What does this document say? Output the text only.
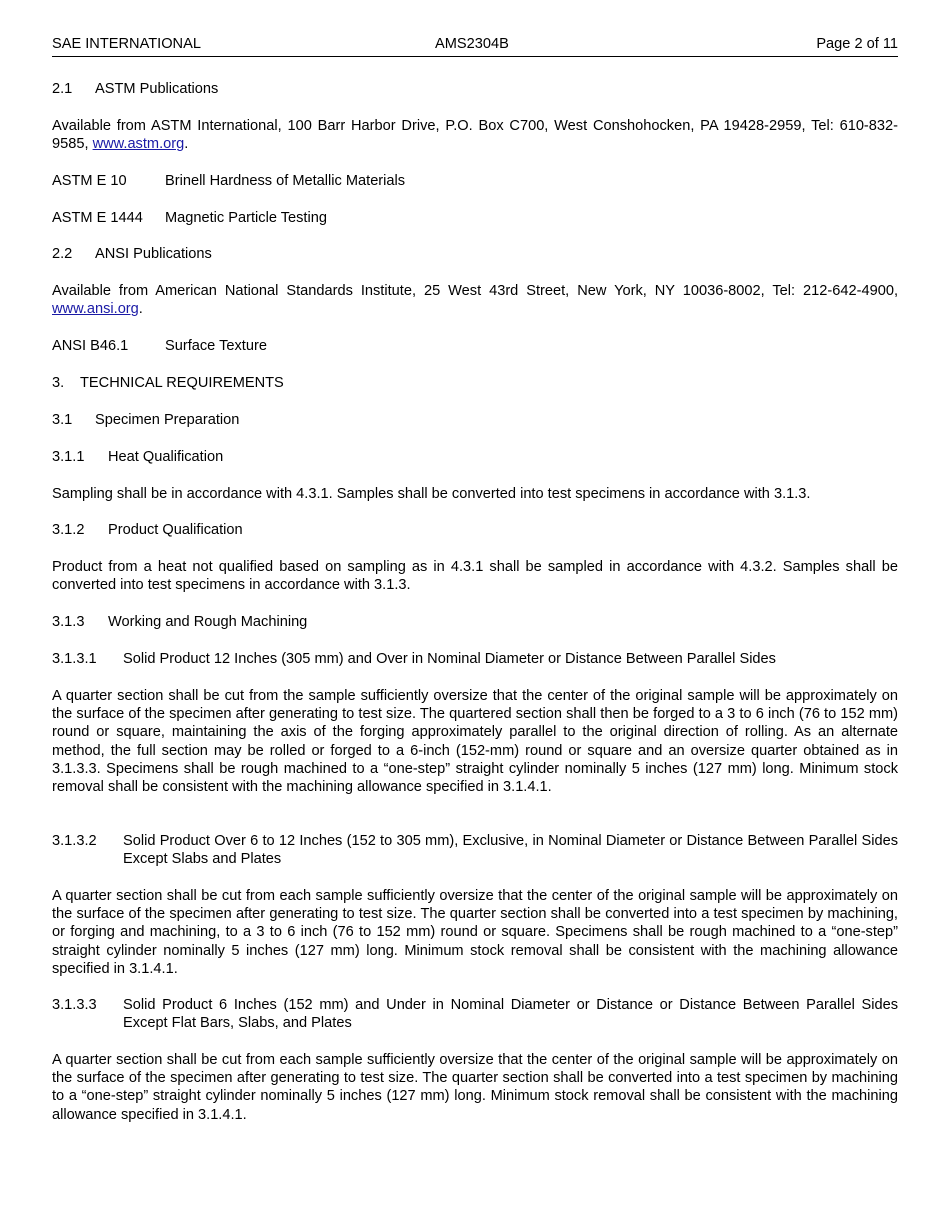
SAE INTERNATIONAL	AMS2304B	Page 2 of 11
2.1 ASTM Publications
Available from ASTM International, 100 Barr Harbor Drive, P.O. Box C700, West Conshohocken, PA 19428-2959, Tel: 610-832-9585, www.astm.org.
ASTM E 10	Brinell Hardness of Metallic Materials
ASTM E 1444 Magnetic Particle Testing
2.2 ANSI Publications
Available from American National Standards Institute, 25 West 43rd Street, New York, NY 10036-8002, Tel: 212-642-4900, www.ansi.org.
ANSI B46.1	Surface Texture
3. TECHNICAL REQUIREMENTS
3.1 Specimen Preparation
3.1.1 Heat Qualification
Sampling shall be in accordance with 4.3.1. Samples shall be converted into test specimens in accordance with 3.1.3.
3.1.2 Product Qualification
Product from a heat not qualified based on sampling as in 4.3.1 shall be sampled in accordance with 4.3.2. Samples shall be converted into test specimens in accordance with 3.1.3.
3.1.3 Working and Rough Machining
3.1.3.1 Solid Product 12 Inches (305 mm) and Over in Nominal Diameter or Distance Between Parallel Sides
A quarter section shall be cut from the sample sufficiently oversize that the center of the original sample will be approximately on the surface of the specimen after generating to test size. The quartered section shall then be forged to a 3 to 6 inch (76 to 152 mm) round or square, maintaining the axis of the forging approximately parallel to the original direction of rolling. As an alternate method, the full section may be rolled or forged to a 6-inch (152-mm) round or square and an oversize quarter obtained as in 3.1.3.3. Specimens shall be rough machined to a “one-step” straight cylinder nominally 5 inches (127 mm) long. Minimum stock removal shall be consistent with the machining allowance specified in 3.1.4.1.
3.1.3.2 Solid Product Over 6 to 12 Inches (152 to 305 mm), Exclusive, in Nominal Diameter or Distance Between Parallel Sides Except Slabs and Plates
A quarter section shall be cut from each sample sufficiently oversize that the center of the original sample will be approximately on the surface of the specimen after generating to test size. The quarter section shall be converted into a test specimen by machining, or forging and machining, to a 3 to 6 inch (76 to 152 mm) round or square. Specimens shall be rough machined to a “one-step” straight cylinder nominally 5 inches (127 mm) long. Minimum stock removal shall be consistent with the machining allowance specified in 3.1.4.1.
3.1.3.3 Solid Product 6 Inches (152 mm) and Under in Nominal Diameter or Distance or Distance Between Parallel Sides Except Flat Bars, Slabs, and Plates
A quarter section shall be cut from each sample sufficiently oversize that the center of the original sample will be approximately on the surface of the specimen after generating to test size. The quarter section shall be converted into a test specimen by machining to a “one-step” straight cylinder nominally 5 inches (127 mm) long. Minimum stock removal shall be consistent with the machining allowance specified in 3.1.4.1.
